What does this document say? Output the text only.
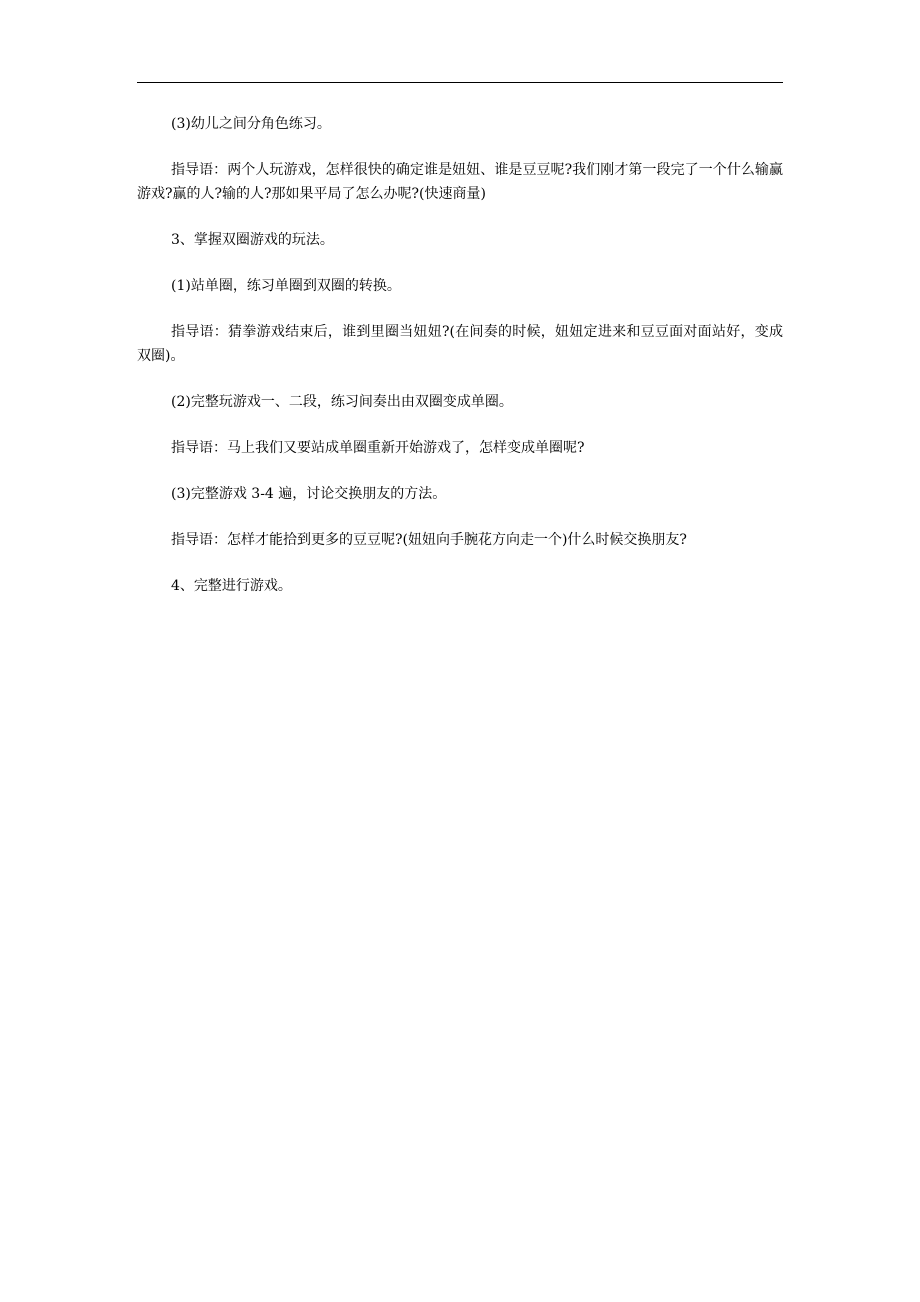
(3)幼儿之间分角色练习。

指导语：两个人玩游戏，怎样很快的确定谁是妞妞、谁是豆豆呢?我们刚才第一段完了一个什么输赢游戏?赢的人?输的人?那如果平局了怎么办呢?(快速商量)

3、掌握双圈游戏的玩法。

(1)站单圈，练习单圈到双圈的转换。

指导语：猜拳游戏结束后，谁到里圈当妞妞?(在间奏的时候，妞妞定进来和豆豆面对面站好，变成双圈)。

(2)完整玩游戏一、二段，练习间奏出由双圈变成单圈。

指导语：马上我们又要站成单圈重新开始游戏了，怎样变成单圈呢?

(3)完整游戏 3-4 遍，讨论交换朋友的方法。

指导语：怎样才能拾到更多的豆豆呢?(妞妞向手腕花方向走一个)什么时候交换朋友?

4、完整进行游戏。
